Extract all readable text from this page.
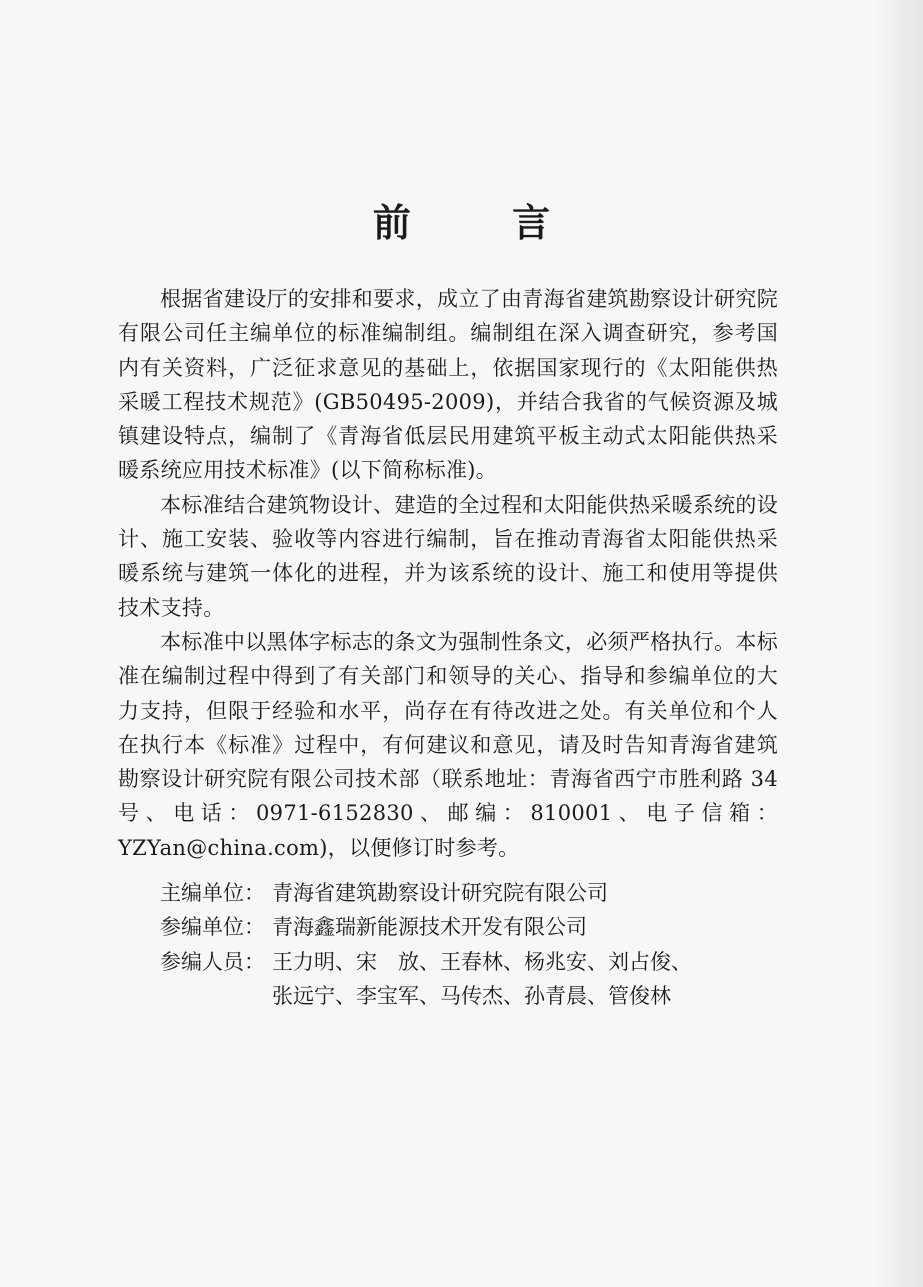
前 言

根据省建设厅的安排和要求，成立了由青海省建筑勘察设计研究院有限公司任主编单位的标准编制组。编制组在深入调查研究，参考国内有关资料，广泛征求意见的基础上，依据国家现行的《太阳能供热采暖工程技术规范》(GB50495-2009)，并结合我省的气候资源及城镇建设特点，编制了《青海省低层民用建筑平板主动式太阳能供热采暖系统应用技术标准》(以下简称标准)。

本标准结合建筑物设计、建造的全过程和太阳能供热采暖系统的设计、施工安装、验收等内容进行编制，旨在推动青海省太阳能供热采暖系统与建筑一体化的进程，并为该系统的设计、施工和使用等提供技术支持。

本标准中以黑体字标志的条文为强制性条文，必须严格执行。本标准在编制过程中得到了有关部门和领导的关心、指导和参编单位的大力支持，但限于经验和水平，尚存在有待改进之处。有关单位和个人在执行本《标准》过程中，有何建议和意见，请及时告知青海省建筑勘察设计研究院有限公司技术部（联系地址：青海省西宁市胜利路 34 号、电话：0971-6152830、邮编：810001、电子信箱：YZYan@china.com)，以便修订时参考。

主编单位： 青海省建筑勘察设计研究院有限公司
参编单位： 青海鑫瑞新能源技术开发有限公司
参编人员： 王力明、宋　放、王春林、杨兆安、刘占俊、
张远宁、李宝军、马传杰、孙青晨、管俊林
